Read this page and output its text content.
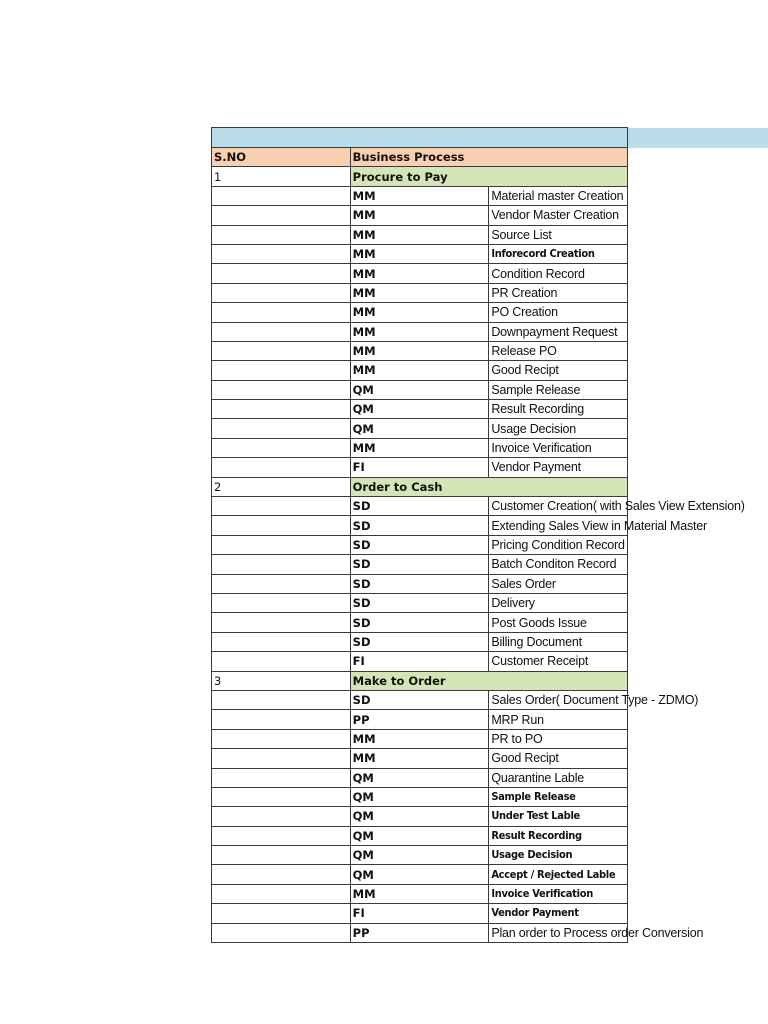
S.NO	Business Process	
1	Procure to Pay	
	MM	Material master Creation
	MM	Vendor Master Creation
	MM	Source List
	MM	Inforecord Creation
	MM	Condition Record
	MM	PR Creation
	MM	PO Creation
	MM	Downpayment Request
	MM	Release PO
	MM	Good Recipt
	QM	Sample Release
	QM	Result Recording
	QM	Usage Decision
	MM	Invoice Verification
	FI	Vendor Payment
2	Order to Cash	
	SD	Customer Creation( with Sales View Extension)
	SD	Extending Sales View in Material Master
	SD	Pricing Condition Record
	SD	Batch Conditon Record
	SD	Sales Order
	SD	Delivery
	SD	Post Goods Issue
	SD	Billing Document
	FI	Customer Receipt
3	Make to Order	
	SD	Sales Order( Document Type - ZDMO)
	PP	MRP Run
	MM	PR to PO
	MM	Good Recipt
	QM	Quarantine Lable
	QM	Sample Release
	QM	Under Test Lable
	QM	Result Recording
	QM	Usage Decision
	QM	Accept / Rejected Lable
	MM	Invoice Verification
	FI	Vendor Payment
	PP	Plan order to Process order Conversion
